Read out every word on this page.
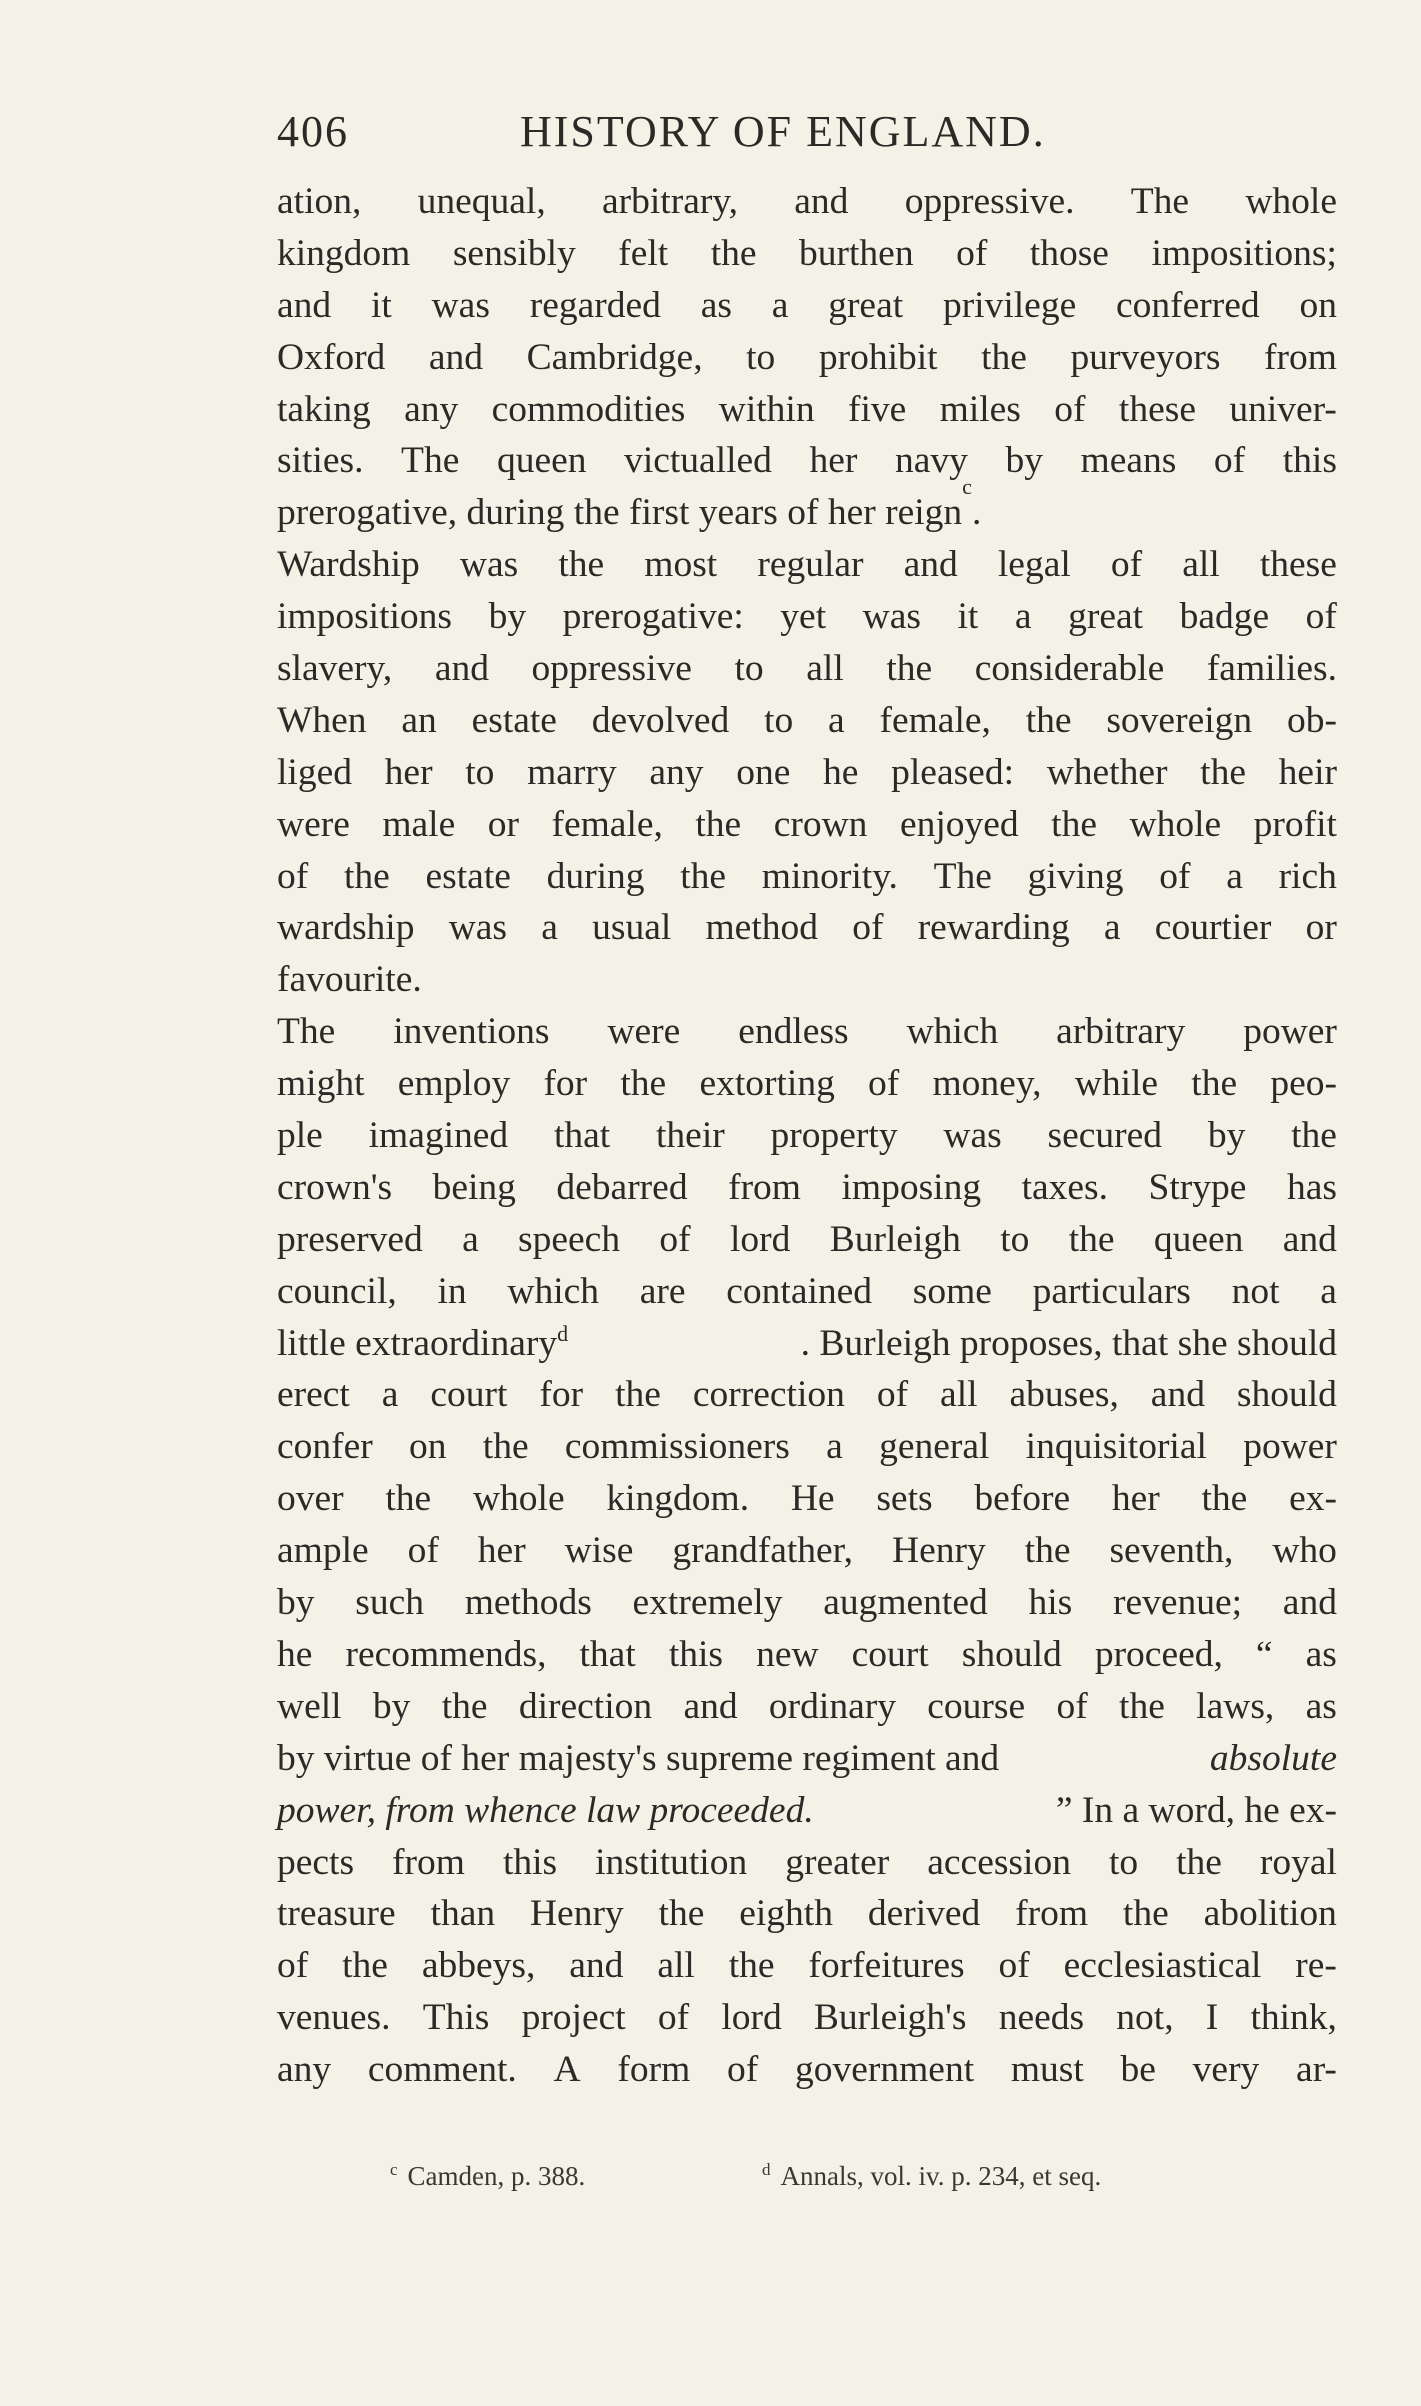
406	HISTORY OF ENGLAND.
ation, unequal, arbitrary, and oppressive. The whole
kingdom sensibly felt the burthen of those impositions;
and it was regarded as a great privilege conferred on
Oxford and Cambridge, to prohibit the purveyors from
taking any commodities within five miles of these univer-
sities. The queen victualled her navy by means of this
prerogative, during the first years of her reign
c
.
Wardship was the most regular and legal of all these
impositions by prerogative: yet was it a great badge of
slavery, and oppressive to all the considerable families.
When an estate devolved to a female, the sovereign ob-
liged her to marry any one he pleased: whether the heir
were male or female, the crown enjoyed the whole profit
of the estate during the minority. The giving of a rich
wardship was a usual method of rewarding a courtier or
favourite.
The inventions were endless which arbitrary power
might employ for the extorting of money, while the peo-
ple imagined that their property was secured by the
crown's being debarred from imposing taxes. Strype has
preserved a speech of lord Burleigh to the queen and
council, in which are contained some particulars not a
little extraordinary$^d$	. Burleigh proposes, that she should
erect a court for the correction of all abuses, and should
confer on the commissioners a general inquisitorial power
over the whole kingdom. He sets before her the ex-
ample of her wise grandfather, Henry the seventh, who
by such methods extremely augmented his revenue; and
he recommends, that this new court should proceed, “ as
well by the direction and ordinary course of the laws, as
by virtue of her majesty's supreme regiment and	absolute
power, from whence law proceeded.	” In a word, he ex-
pects from this institution greater accession to the royal
treasure than Henry the eighth derived from the abolition
of the abbeys, and all the forfeitures of ecclesiastical re-
venues. This project of lord Burleigh's needs not, I think,
any comment. A form of government must be very ar-
$^c$ Camden, p. 388.	$^d$ Annals, vol. iv. p. 234, et seq.
